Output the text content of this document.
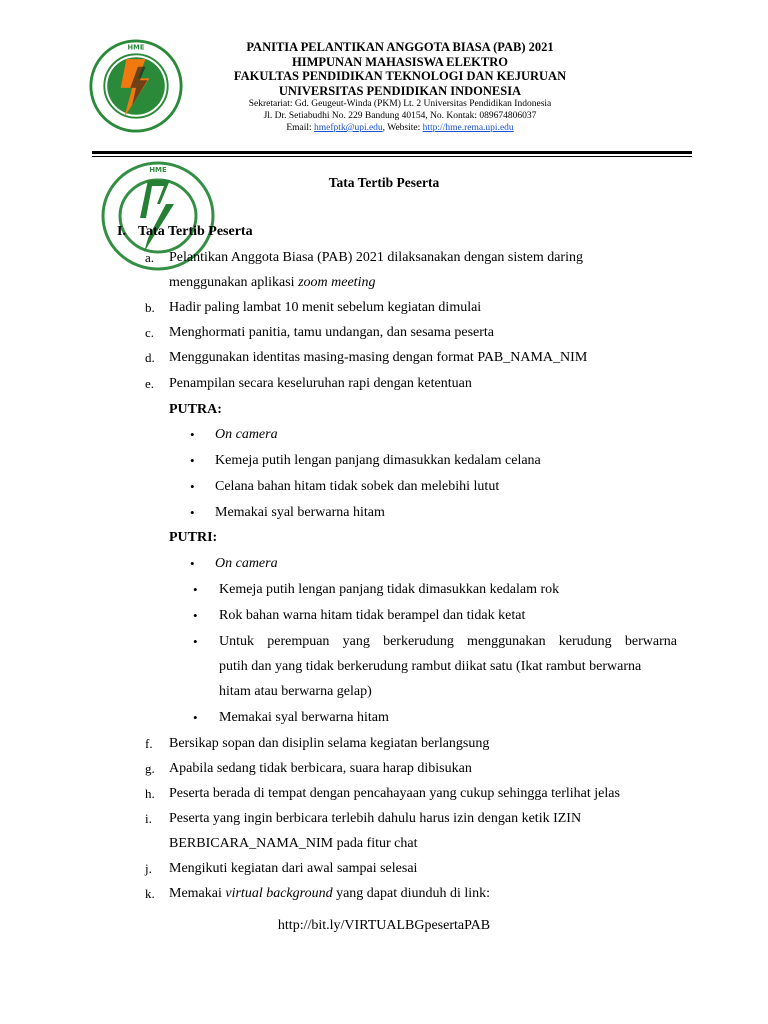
HME	PANITIA PELANTIKAN ANGGOTA BIASA (PAB) 2021
HIMPUNAN MAHASISWA ELEKTRO
FAKULTAS PENDIDIKAN TEKNOLOGI DAN KEJURUAN
UNIVERSITAS PENDIDIKAN INDONESIA
Sekretariat: Gd. Geugeut-Winda (PKM) Lt. 2 Universitas Pendidikan Indonesia
Jl. Dr. Setiabudhi No. 229 Bandung 40154, No. Kontak: 089674806037
Email: hmefptk@upi.edu, Website: http://hme.rema.upi.edu
HME
Tata Tertib Peserta
I. Tata Tertib Peserta
a. Pelantikan Anggota Biasa (PAB) 2021 dilaksanakan dengan sistem daring
menggunakan aplikasi zoom meeting
b. Hadir paling lambat 10 menit sebelum kegiatan dimulai
c. Menghormati panitia, tamu undangan, dan sesama peserta
d. Menggunakan identitas masing-masing dengan format PAB_NAMA_NIM
e. Penampilan secara keseluruhan rapi dengan ketentuan
PUTRA:
• On camera
• Kemeja putih lengan panjang dimasukkan kedalam celana
• Celana bahan hitam tidak sobek dan melebihi lutut
• Memakai syal berwarna hitam
PUTRI:
• On camera
• Kemeja putih lengan panjang tidak dimasukkan kedalam rok
• Rok bahan warna hitam tidak berampel dan tidak ketat
• Untuk perempuan yang berkerudung menggunakan kerudung berwarna
putih dan yang tidak berkerudung rambut diikat satu (Ikat rambut berwarna
hitam atau berwarna gelap)
• Memakai syal berwarna hitam
f. Bersikap sopan dan disiplin selama kegiatan berlangsung
g. Apabila sedang tidak berbicara, suara harap dibisukan
h. Peserta berada di tempat dengan pencahayaan yang cukup sehingga terlihat jelas
i. Peserta yang ingin berbicara terlebih dahulu harus izin dengan ketik IZIN
BERBICARA_NAMA_NIM pada fitur chat
j. Mengikuti kegiatan dari awal sampai selesai
k. Memakai virtual background yang dapat diunduh di link:
http://bit.ly/VIRTUALBGpesertaPAB
